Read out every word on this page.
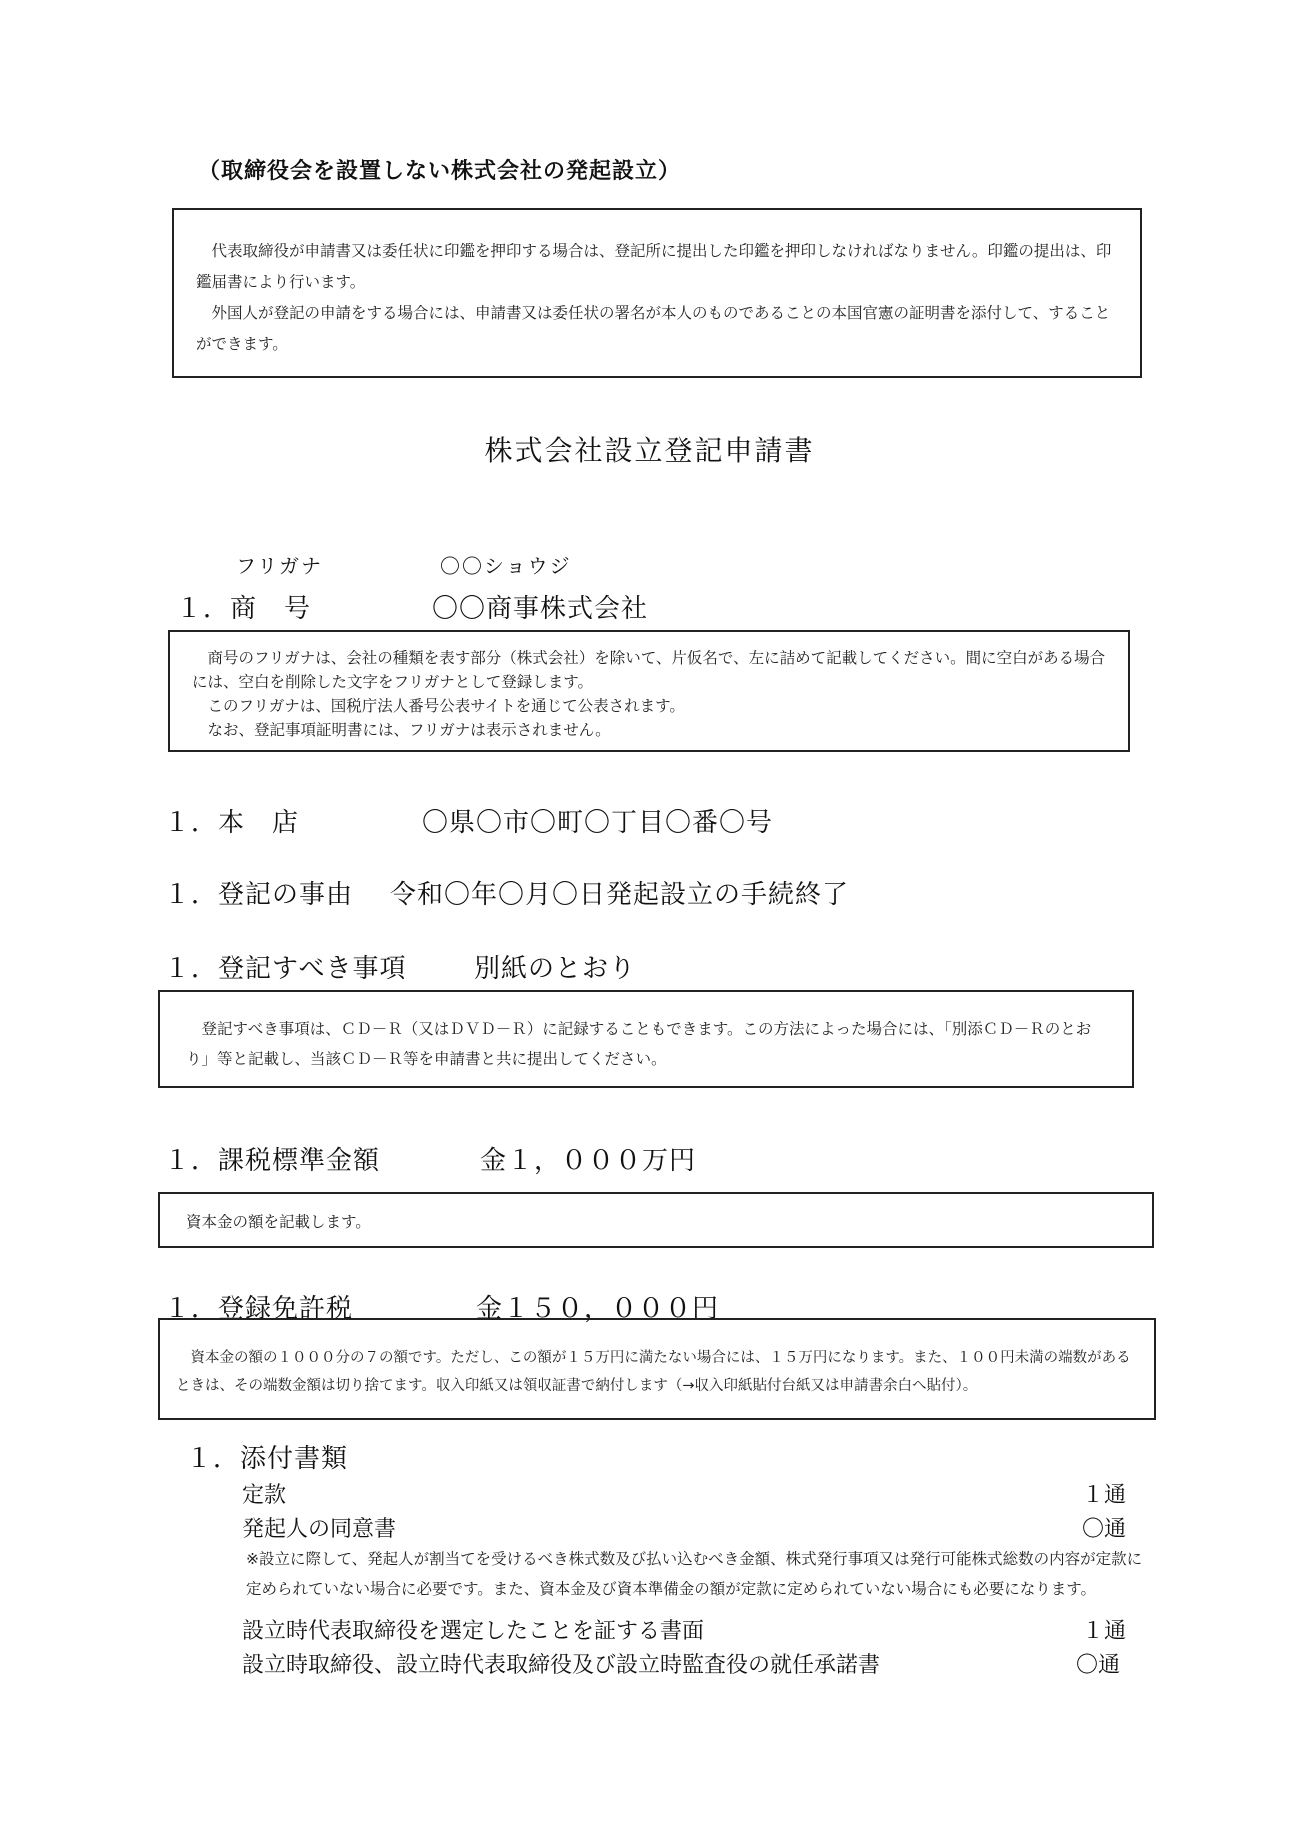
（取締役会を設置しない株式会社の発起設立）

代表取締役が申請書又は委任状に印鑑を押印する場合は、登記所に提出した印鑑を押印しなければなりません。印鑑の提出は、印鑑届書により行います。

外国人が登記の申請をする場合には、申請書又は委任状の署名が本人のものであることの本国官憲の証明書を添付して、することができます。

株式会社設立登記申請書
フリガナ	〇〇ショウジ
１．商　号	〇〇商事株式会社

商号のフリガナは、会社の種類を表す部分（株式会社）を除いて、片仮名で、左に詰めて記載してください。間に空白がある場合には、空白を削除した文字をフリガナとして登録します。

このフリガナは、国税庁法人番号公表サイトを通じて公表されます。

なお、登記事項証明書には、フリガナは表示されません。

１．本　店	〇県〇市〇町〇丁目〇番〇号
１．登記の事由 令和〇年〇月〇日発起設立の手続終了
１．登記すべき事項	別紙のとおり

登記すべき事項は、ＣＤ－Ｒ（又はＤＶＤ－Ｒ）に記録することもできます。この方法によった場合には、「別添ＣＤ－Ｒのとおり」等と記載し、当該ＣＤ－Ｒ等を申請書と共に提出してください。

１．課税標準金額	金１，０００万円

資本金の額を記載します。

１．登録免許税	金１５０，０００円

資本金の額の１０００分の７の額です。ただし、この額が１５万円に満たない場合には、１５万円になります。また、１００円未満の端数があるときは、その端数金額は切り捨てます。収入印紙又は領収証書で納付します（→収入印紙貼付台紙又は申請書余白へ貼付）。

１．添付書類
定款	１通
発起人の同意書	〇通
※設立に際して、発起人が割当てを受けるべき株式数及び払い込むべき金額、株式発行事項又は発行可能株式総数の内容が定款に定められていない場合に必要です。また、資本金及び資本準備金の額が定款に定められていない場合にも必要になります。
設立時代表取締役を選定したことを証する書面	１通
設立時取締役、設立時代表取締役及び設立時監査役の就任承諾書	〇通
